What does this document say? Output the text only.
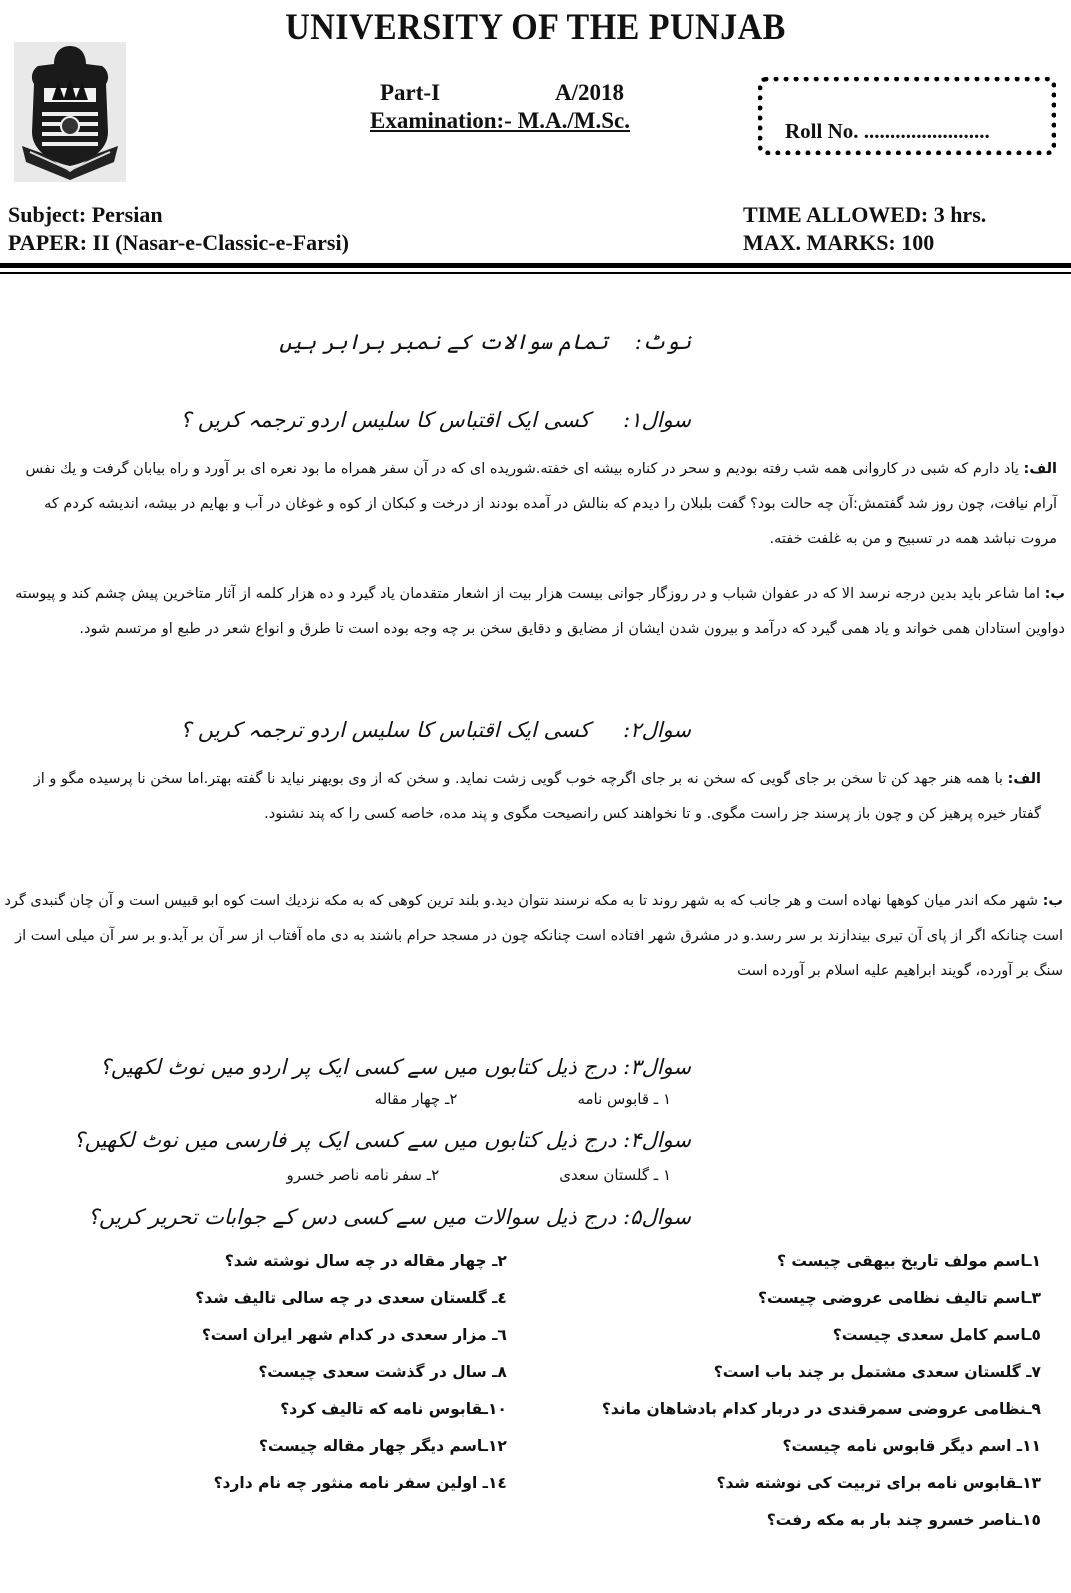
UNIVERSITY OF THE PUNJAB
Part-I	A/2018
Examination:- M.A./M.Sc.	Roll No. ........................
Subject: Persian
PAPER: II (Nasar-e-Classic-e-Farsi)
TIME ALLOWED: 3 hrs.
MAX. MARKS: 100
نوٹ:    تمام سوالات کے نمبر برابر ہیں
سوال۱:     کسی ایک اقتباس کا سلیس اردو ترجمہ کریں ؟
الف: یاد دارم که شبی در کاروانی همه شب رفته بودیم و سحر در کناره بیشه ای خفته.شوریده ای که در آن سفر همراه ما بود نعره ای بر آورد و راه بیابان گرفت و یك نفس آرام نیافت، چون روز شد گفتمش:آن چه حالت بود؟ گفت بلبلان را دیدم که بنالش در آمده بودند از درخت و کبکان از کوه و غوغان در آب و بهایم در بیشه، اندیشه کردم که مروت نباشد همه در تسبیح و من به غلفت خفته.
ب: اما شاعر باید بدین درجه نرسد الا که در عفوان شباب و در روزگار جوانی بیست هزار بیت از اشعار متقدمان یاد گیرد و ده هزار کلمه از آثار متاخرین پیش چشم کند و پیوسته دواوین استادان همی خواند و یاد همی گیرد که درآمد و بیرون شدن ایشان از مضایق و دقایق سخن بر چه وجه بوده است تا طرق و انواع شعر در طبع او مرتسم شود.
سوال۲:     کسی ایک اقتباس کا سلیس اردو ترجمہ کریں ؟
الف: با همه هنر جهد کن تا سخن بر جای گویی که سخن نه بر جای اگرچه خوب گویی زشت نماید. و سخن که از وی بویهنر نیاید نا گفته بهتر.اما سخن نا پرسیده مگو و از گفتار خیره پرهیز کن و چون باز پرسند جز راست مگوی. و تا نخواهند کس رانصیحت مگوی و پند مده، خاصه کسی را که پند نشنود.
ب: شهر مکه اندر میان کوهها نهاده است و هر جانب که به شهر روند تا به مکه نرسند نتوان دید.و بلند ترین کوهی که به مکه نزدیك است کوه ابو قبیس است و آن چان گنبدی گرد است چنانکه اگر از پای آن تیری بیندازند بر سر رسد.و در مشرق شهر افتاده است چنانکه چون در مسجد حرام باشند به دی ماه آفتاب از سر آن بر آید.و بر سر آن میلی است از سنگ بر آورده، گویند ابراهیم علیه اسلام بر آورده است
سوال۳: درج ذیل کتابوں میں سے کسی ایک پر اردو میں نوٹ لکھیں؟
۱ ـ قابوس نامه
۲ـ چهار مقاله
سوال۴: درج ذیل کتابوں میں سے کسی ایک پر فارسی میں نوٹ لکھیں؟
۱ ـ گلستان سعدی
۲ـ سفر نامه ناصر خسرو
سوال۵: درج ذیل سوالات میں سے کسی دس کے جوابات تحریر کریں؟
۱ـاسم مولف تاریخ بیهقی چیست ؟
۲ـ چهار مقاله در چه سال نوشته شد؟
۳ـاسم تالیف نظامی عروضی چیست؟
٤ـ گلستان سعدی در چه سالی تالیف شد؟
٥ـاسم کامل سعدی چیست؟
٦ـ مزار سعدی در کدام شهر ایران است؟
۷ـ گلستان سعدی مشتمل بر چند باب است؟
۸ـ سال در گذشت سعدی چیست؟
۹ـنظامی عروضی سمرقندی در دربار کدام بادشاهان ماند؟
۱۰ـقابوس نامه که تالیف کرد؟
۱۱ـ اسم دیگر قابوس نامه چیست؟
۱۲ـاسم دیگر چهار مقاله چیست؟
۱۳ـقابوس نامه برای تربیت کی نوشته شد؟
١٤ـ اولین سفر نامه منثور چه نام دارد؟
۱٥ـناصر خسرو چند بار به مکه رفت؟
